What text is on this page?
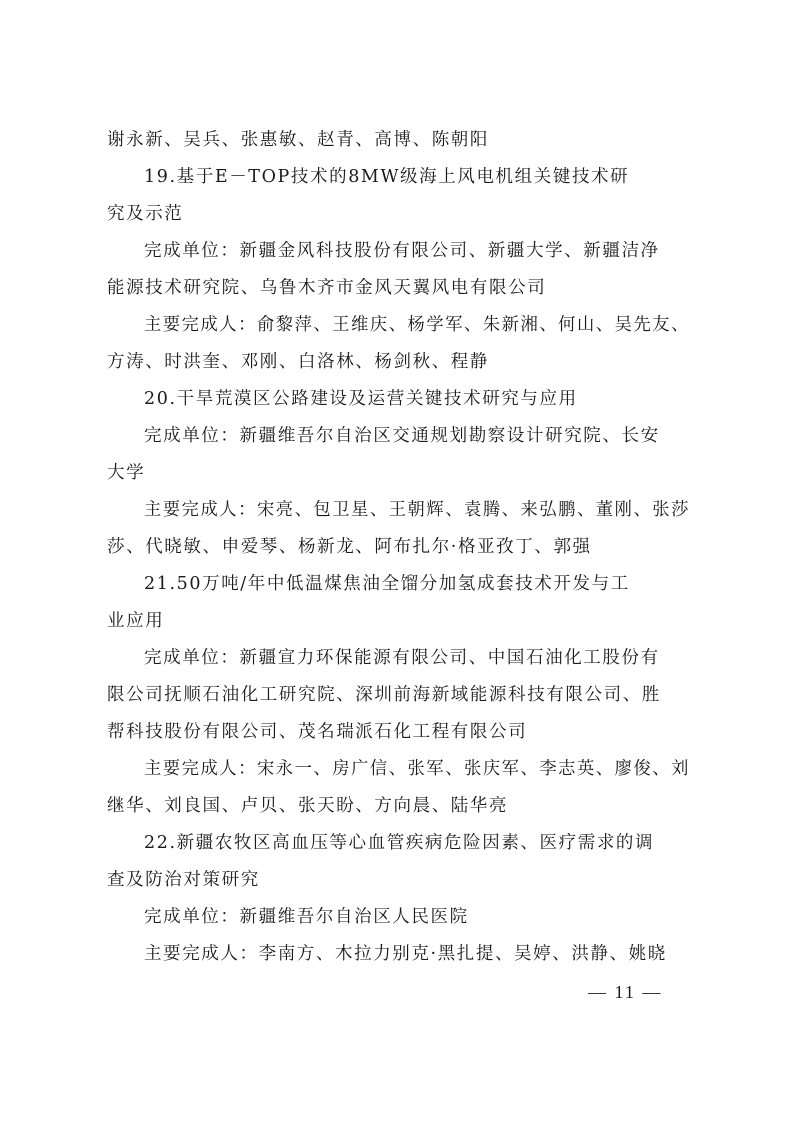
谢永新、吴兵、张惠敏、赵青、高博、陈朝阳
19.基于E－TOP技术的8MW级海上风电机组关键技术研
究及示范
完成单位：新疆金风科技股份有限公司、新疆大学、新疆洁净
能源技术研究院、乌鲁木齐市金风天翼风电有限公司
主要完成人：俞黎萍、王维庆、杨学军、朱新湘、何山、吴先友、
方涛、时洪奎、邓刚、白洛林、杨剑秋、程静
20.干旱荒漠区公路建设及运营关键技术研究与应用
完成单位：新疆维吾尔自治区交通规划勘察设计研究院、长安
大学
主要完成人：宋亮、包卫星、王朝辉、袁腾、来弘鹏、董刚、张莎
莎、代晓敏、申爱琴、杨新龙、阿布扎尔·格亚孜丁、郭强
21.50万吨/年中低温煤焦油全馏分加氢成套技术开发与工
业应用
完成单位：新疆宣力环保能源有限公司、中国石油化工股份有
限公司抚顺石油化工研究院、深圳前海新域能源科技有限公司、胜
帮科技股份有限公司、茂名瑞派石化工程有限公司
主要完成人：宋永一、房广信、张军、张庆军、李志英、廖俊、刘
继华、刘良国、卢贝、张天盼、方向晨、陆华亮
22.新疆农牧区高血压等心血管疾病危险因素、医疗需求的调
查及防治对策研究
完成单位：新疆维吾尔自治区人民医院
主要完成人：李南方、木拉力别克·黑扎提、吴婷、洪静、姚晓
— 11 —
